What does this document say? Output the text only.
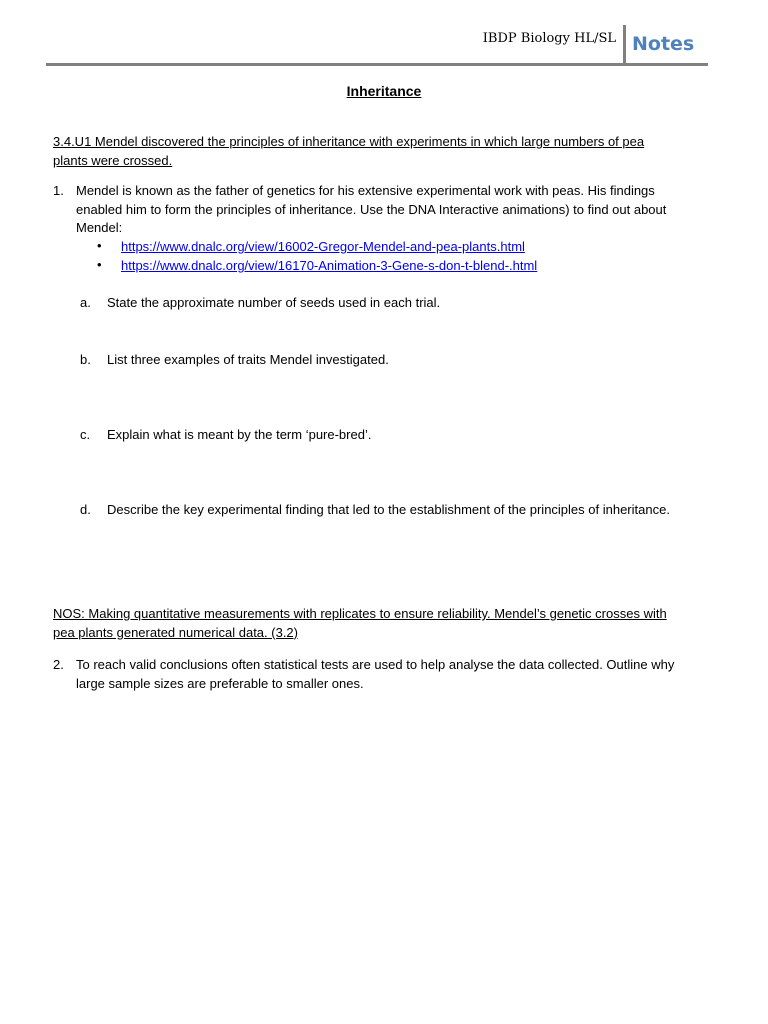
IBDP Biology HL/SL Notes
Inheritance
3.4.U1 Mendel discovered the principles of inheritance with experiments in which large numbers of pea
plants were crossed.
1. Mendel is known as the father of genetics for his extensive experimental work with peas. His findings
enabled him to form the principles of inheritance. Use the DNA Interactive animations) to find out about
Mendel:
• https://www.dnalc.org/view/16002-Gregor-Mendel-and-pea-plants.html
• https://www.dnalc.org/view/16170-Animation-3-Gene-s-don-t-blend-.html
a. State the approximate number of seeds used in each trial.
b. List three examples of traits Mendel investigated.
c. Explain what is meant by the term ‘pure-bred’.
d. Describe the key experimental finding that led to the establishment of the principles of inheritance.
NOS: Making quantitative measurements with replicates to ensure reliability. Mendel’s genetic crosses with
pea plants generated numerical data. (3.2)
2. To reach valid conclusions often statistical tests are used to help analyse the data collected. Outline why
large sample sizes are preferable to smaller ones.
